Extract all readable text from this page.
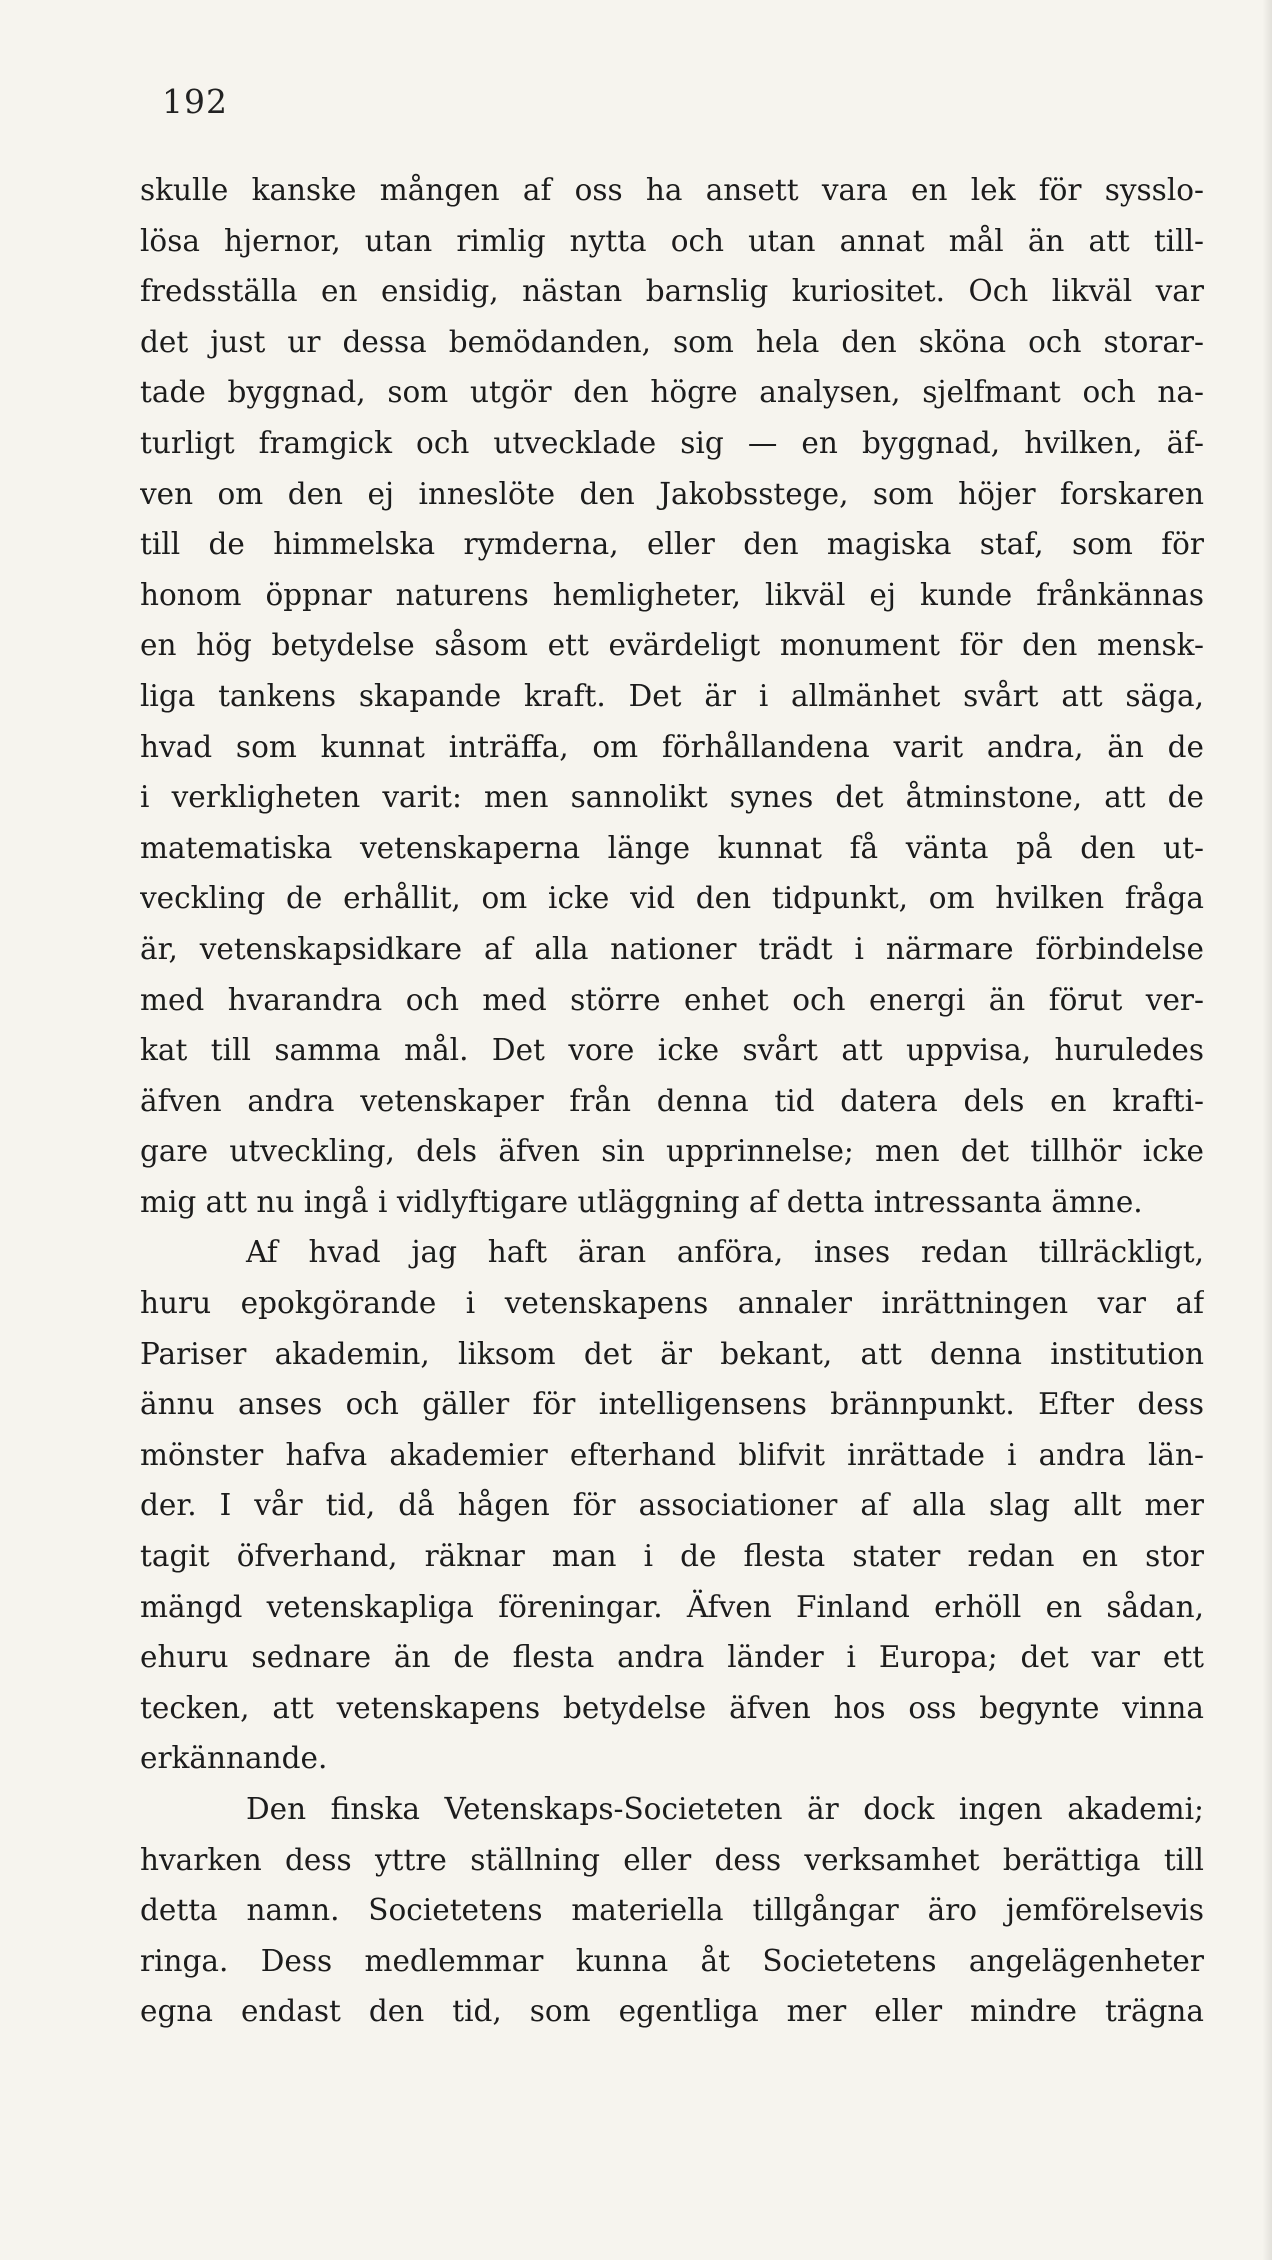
192
skulle kanske mången af oss ha ansett vara en lek för sysslo-
lösa hjernor, utan rimlig nytta och utan annat mål än att till-
fredsställa en ensidig, nästan barnslig kuriositet. Och likväl var
det just ur dessa bemödanden, som hela den sköna och storar-
tade byggnad, som utgör den högre analysen, sjelfmant och na-
turligt framgick och utvecklade sig — en byggnad, hvilken, äf-
ven om den ej inneslöte den Jakobsstege, som höjer forskaren
till de himmelska rymderna, eller den magiska staf, som för
honom öppnar naturens hemligheter, likväl ej kunde frånkännas
en hög betydelse såsom ett evärdeligt monument för den mensk-
liga tankens skapande kraft. Det är i allmänhet svårt att säga,
hvad som kunnat inträffa, om förhållandena varit andra, än de
i verkligheten varit: men sannolikt synes det åtminstone, att de
matematiska vetenskaperna länge kunnat få vänta på den ut-
veckling de erhållit, om icke vid den tidpunkt, om hvilken fråga
är, vetenskapsidkare af alla nationer trädt i närmare förbindelse
med hvarandra och med större enhet och energi än förut ver-
kat till samma mål. Det vore icke svårt att uppvisa, huruledes
äfven andra vetenskaper från denna tid datera dels en krafti-
gare utveckling, dels äfven sin upprinnelse; men det tillhör icke
mig att nu ingå i vidlyftigare utläggning af detta intressanta ämne.
Af hvad jag haft äran anföra, inses redan tillräckligt,
huru epokgörande i vetenskapens annaler inrättningen var af
Pariser akademin, liksom det är bekant, att denna institution
ännu anses och gäller för intelligensens brännpunkt. Efter dess
mönster hafva akademier efterhand blifvit inrättade i andra län-
der. I vår tid, då hågen för associationer af alla slag allt mer
tagit öfverhand, räknar man i de flesta stater redan en stor
mängd vetenskapliga föreningar. Äfven Finland erhöll en sådan,
ehuru sednare än de flesta andra länder i Europa; det var ett
tecken, att vetenskapens betydelse äfven hos oss begynte vinna
erkännande.
Den finska Vetenskaps-Societeten är dock ingen akademi;
hvarken dess yttre ställning eller dess verksamhet berättiga till
detta namn. Societetens materiella tillgångar äro jemförelsevis
ringa. Dess medlemmar kunna åt Societetens angelägenheter
egna endast den tid, som egentliga mer eller mindre trägna
